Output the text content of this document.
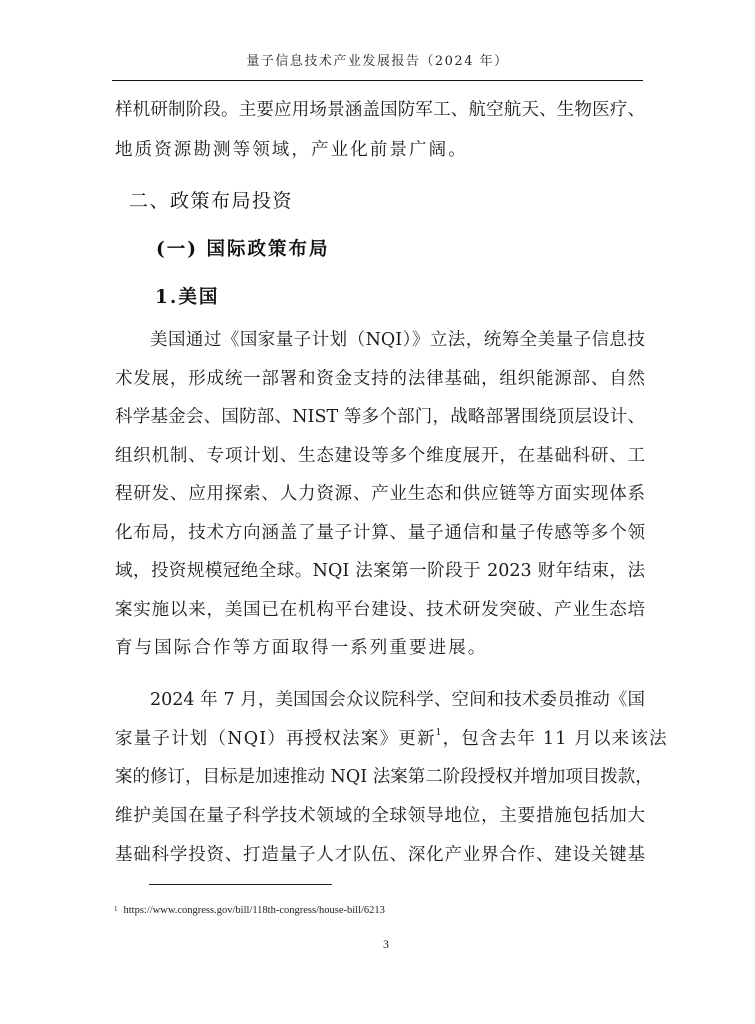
量子信息技术产业发展报告（2024 年）
样机研制阶段。主要应用场景涵盖国防军工、航空航天、生物医疗、
地质资源勘测等领域，产业化前景广阔。
二、政策布局投资
(一) 国际政策布局
1.美国
美国通过《国家量子计划（NQI）》立法，统筹全美量子信息技
术发展，形成统一部署和资金支持的法律基础，组织能源部、自然
科学基金会、国防部、NIST 等多个部门，战略部署围绕顶层设计、
组织机制、专项计划、生态建设等多个维度展开，在基础科研、工
程研发、应用探索、人力资源、产业生态和供应链等方面实现体系
化布局，技术方向涵盖了量子计算、量子通信和量子传感等多个领
域，投资规模冠绝全球。NQI 法案第一阶段于 2023 财年结束，法
案实施以来，美国已在机构平台建设、技术研发突破、产业生态培
育与国际合作等方面取得一系列重要进展。
2024 年 7 月，美国国会众议院科学、空间和技术委员推动《国
家量子计划（NQI）再授权法案》更新$^1$，包含去年 11 月以来该法
案的修订，目标是加速推动 NQI 法案第二阶段授权并增加项目拨款，
维护美国在量子科学技术领域的全球领导地位，主要措施包括加大
基础科学投资、打造量子人才队伍、深化产业界合作、建设关键基
$^1$ https://www.congress.gov/bill/118th-congress/house-bill/6213
3
